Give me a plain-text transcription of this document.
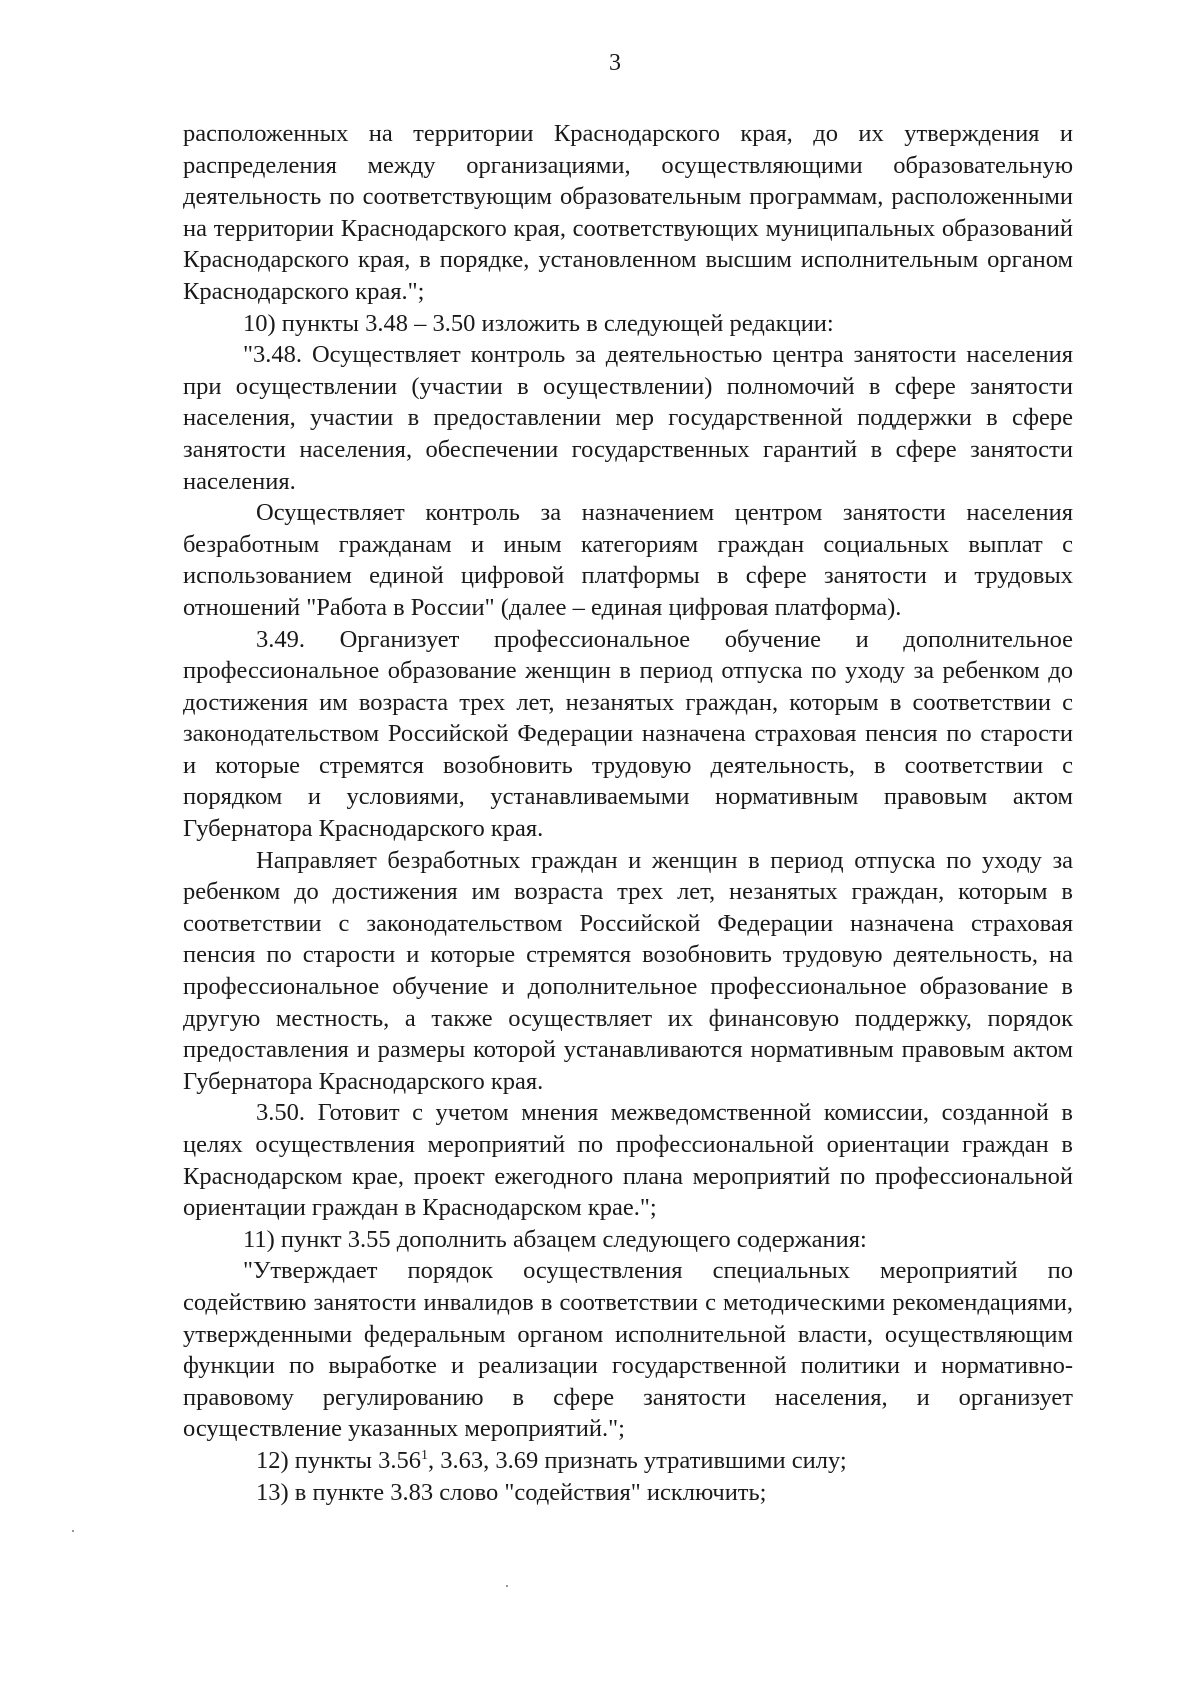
3

расположенных на территории Краснодарского края, до их утверждения и распределения между организациями, осуществляющими образовательную деятельность по соответствующим образовательным программам, расположенными на территории Краснодарского края, соответствующих муниципальных образований Краснодарского края, в порядке, установленном высшим исполнительным органом Краснодарского края.";

10) пункты 3.48 – 3.50 изложить в следующей редакции:

"3.48. Осуществляет контроль за деятельностью центра занятости населения при осуществлении (участии в осуществлении) полномочий в сфере занятости населения, участии в предоставлении мер государственной поддержки в сфере занятости населения, обеспечении государственных гарантий в сфере занятости населения.

Осуществляет контроль за назначением центром занятости населения безработным гражданам и иным категориям граждан социальных выплат с использованием единой цифровой платформы в сфере занятости и трудовых отношений "Работа в России" (далее – единая цифровая платформа).

3.49. Организует профессиональное обучение и дополнительное профессиональное образование женщин в период отпуска по уходу за ребенком до достижения им возраста трех лет, незанятых граждан, которым в соответствии с законодательством Российской Федерации назначена страховая пенсия по старости и которые стремятся возобновить трудовую деятельность, в соответствии с порядком и условиями, устанавливаемыми нормативным правовым актом Губернатора Краснодарского края.

Направляет безработных граждан и женщин в период отпуска по уходу за ребенком до достижения им возраста трех лет, незанятых граждан, которым в соответствии с законодательством Российской Федерации назначена страховая пенсия по старости и которые стремятся возобновить трудовую деятельность, на профессиональное обучение и дополнительное профессиональное образование в другую местность, а также осуществляет их финансовую поддержку, порядок предоставления и размеры которой устанавливаются нормативным правовым актом Губернатора Краснодарского края.

3.50. Готовит с учетом мнения межведомственной комиссии, созданной в целях осуществления мероприятий по профессиональной ориентации граждан в Краснодарском крае, проект ежегодного плана мероприятий по профессиональной ориентации граждан в Краснодарском крае.";

11) пункт 3.55 дополнить абзацем следующего содержания:

"Утверждает порядок осуществления специальных мероприятий по содействию занятости инвалидов в соответствии с методическими рекомендациями, утвержденными федеральным органом исполнительной власти, осуществляющим функции по выработке и реализации государственной политики и нормативно-правовому регулированию в сфере занятости населения, и организует осуществление указанных мероприятий.";

12) пункты 3.56$^1$, 3.63, 3.69 признать утратившими силу;

13) в пункте 3.83 слово "содействия" исключить;
